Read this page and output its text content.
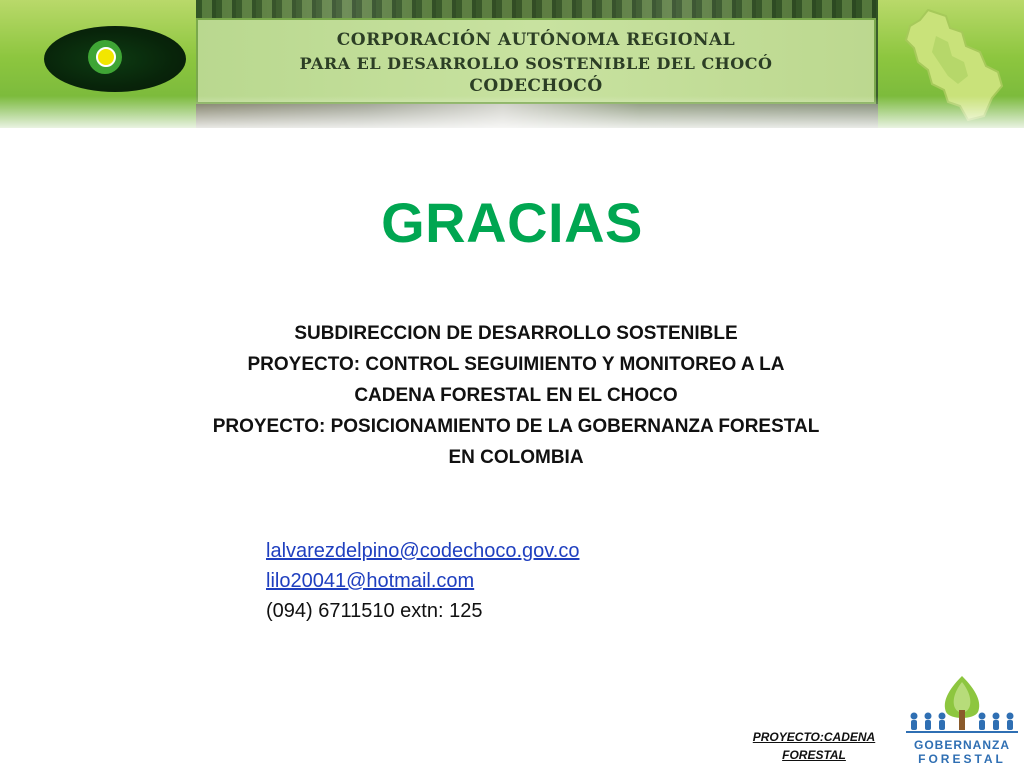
CORPORACIÓN AUTÓNOMA REGIONAL
PARA EL DESARROLLO SOSTENIBLE DEL CHOCÓ
CODECHOCÓ
GRACIAS
SUBDIRECCION DE DESARROLLO SOSTENIBLE
PROYECTO: CONTROL SEGUIMIENTO Y MONITOREO A LA
CADENA FORESTAL EN EL CHOCO
PROYECTO: POSICIONAMIENTO DE LA GOBERNANZA FORESTAL
EN COLOMBIA
lalvarezdelpino@codechoco.gov.co
lilo20041@hotmail.com
(094) 6711510 extn: 125
PROYECTO:CADENA
FORESTAL
GOBERNANZA
FORESTAL
